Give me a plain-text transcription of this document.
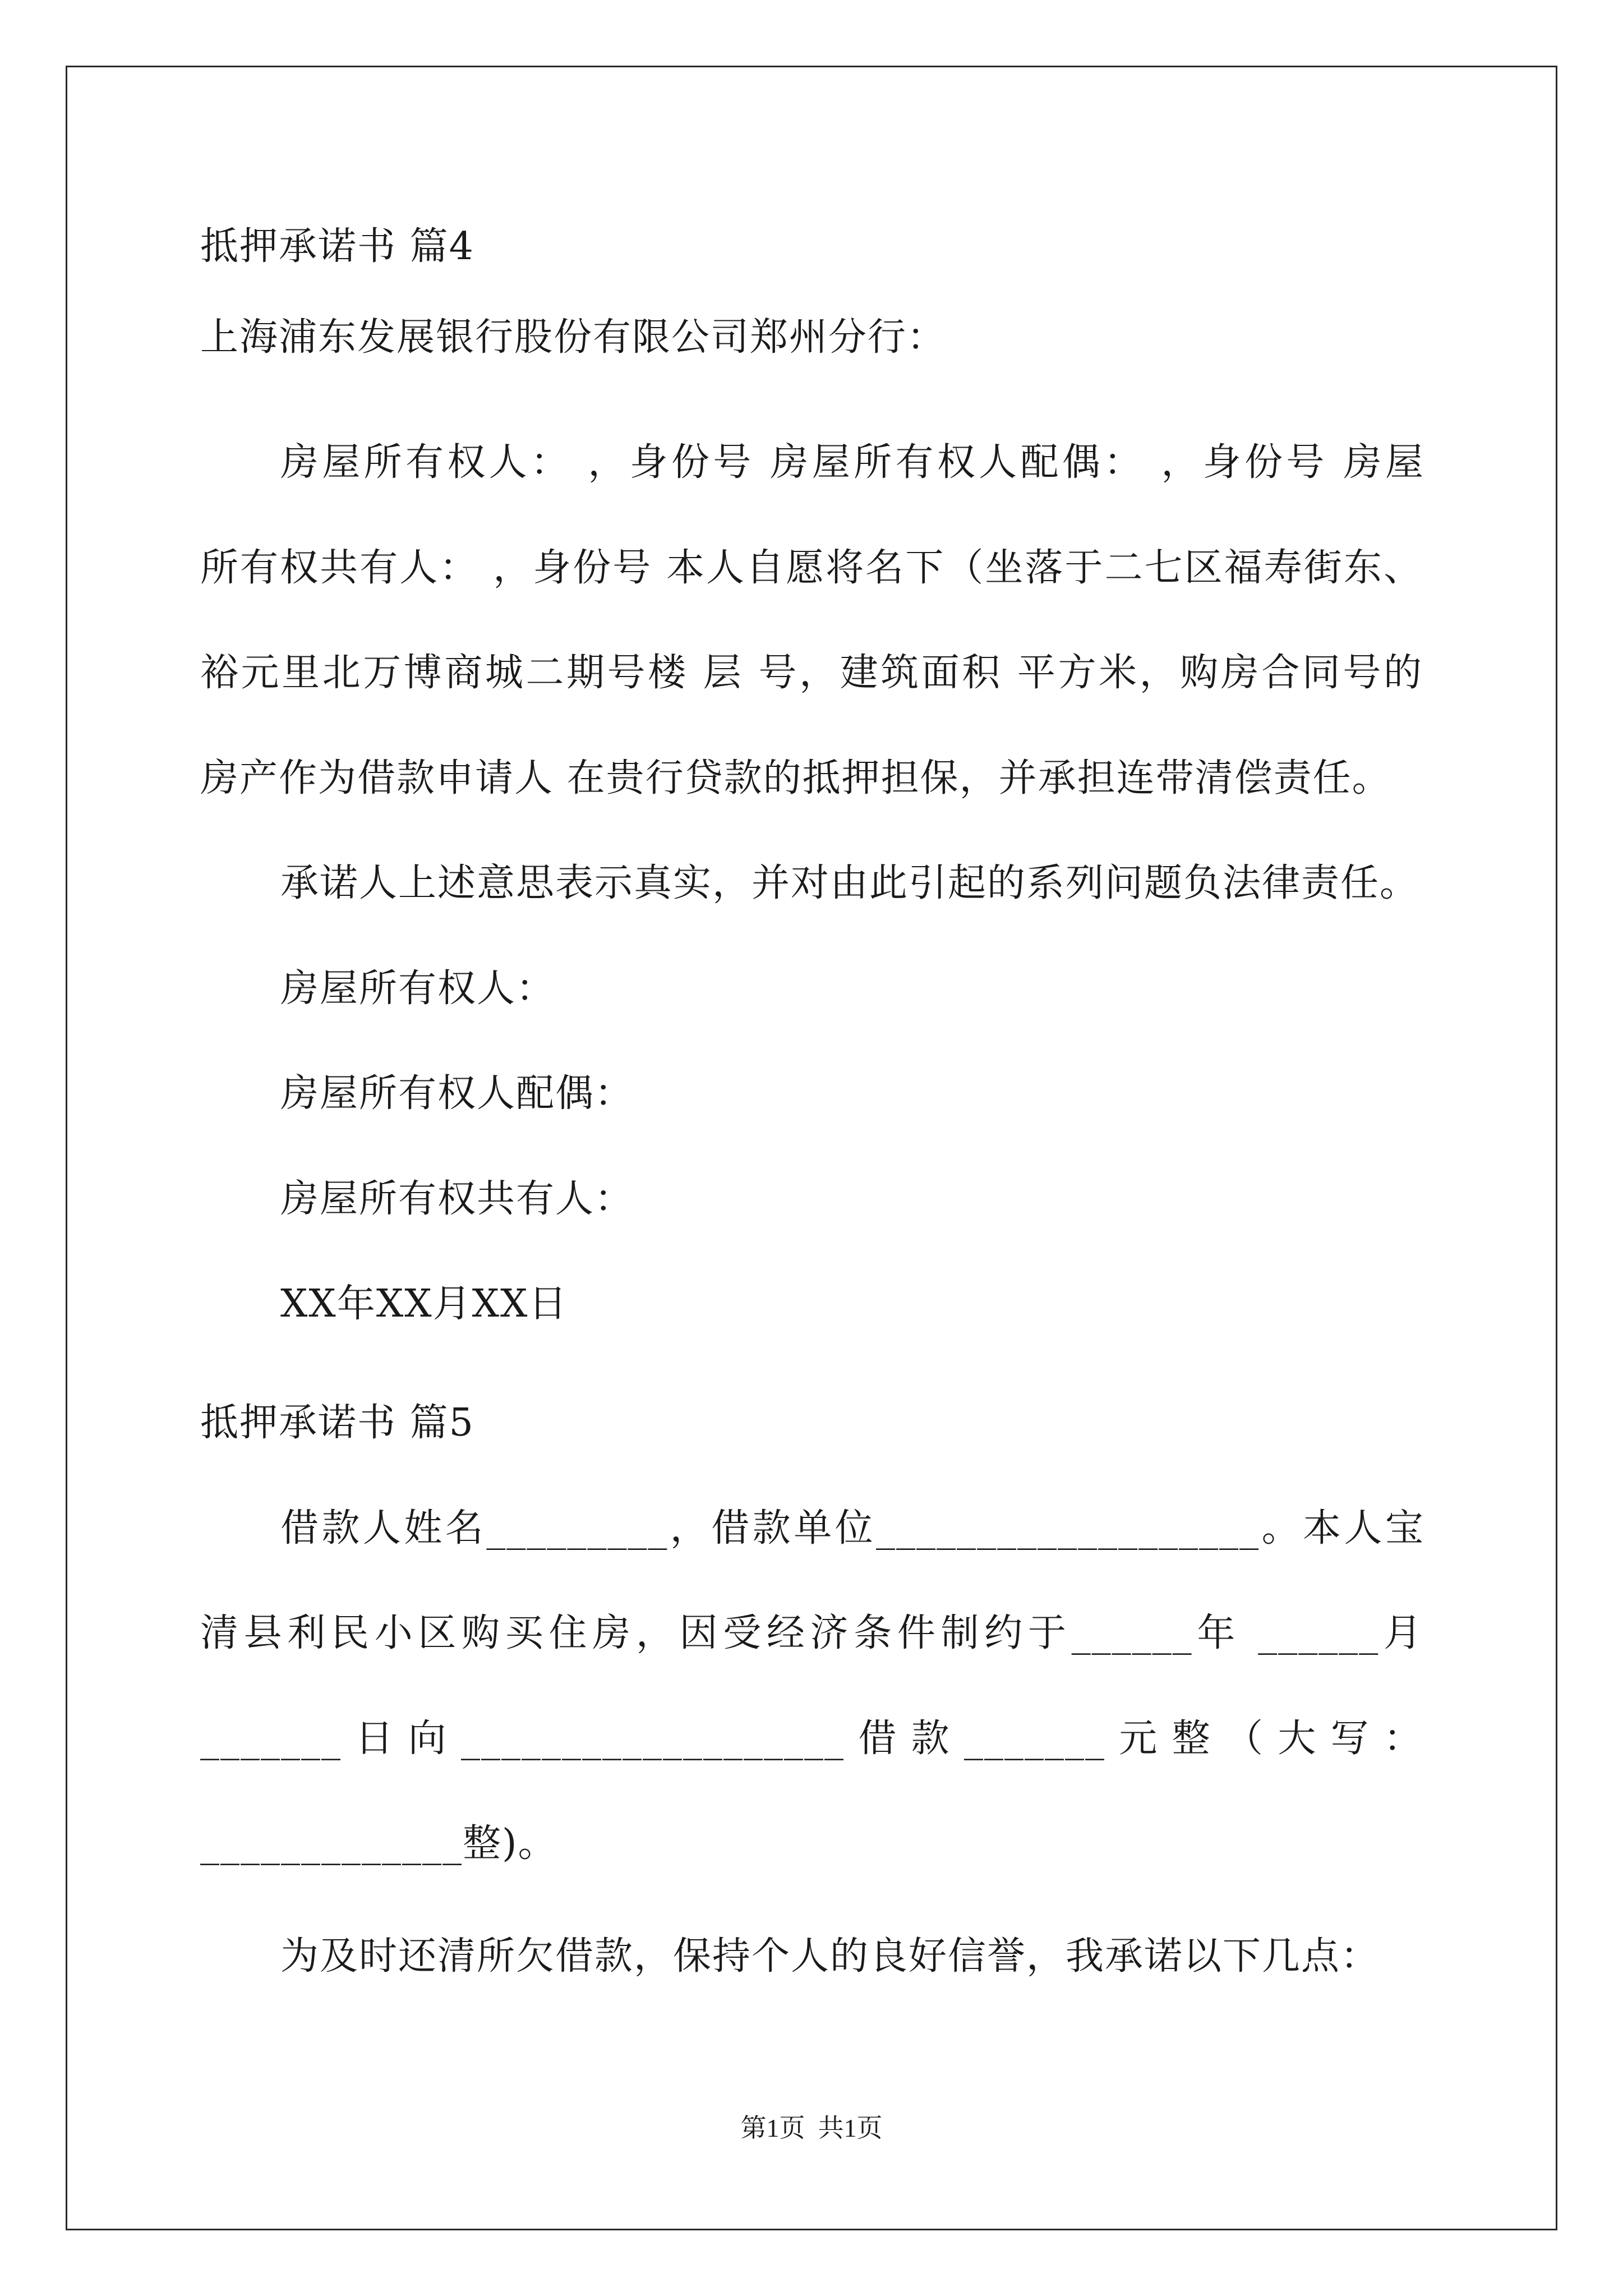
抵押承诺书 篇4
上海浦东发展银行股份有限公司郑州分行：
房屋所有权人： ，身份号 房屋所有权人配偶： ，身份号 房屋
所有权共有人： ，身份号 本人自愿将名下（坐落于二七区福寿街东、
裕元里北万博商城二期号楼 层 号，建筑面积 平方米，购房合同号的
房产作为借款申请人 在贵行贷款的抵押担保，并承担连带清偿责任。
承诺人上述意思表示真实，并对由此引起的系列问题负法律责任。
房屋所有权人：
房屋所有权人配偶：
房屋所有权共有人：
XX年XX月XX日
抵押承诺书 篇5
借款人姓名_________，借款单位___________________。本人宝
清县利民小区购买住房，因受经济条件制约于______年 ______月
_______日向___________________借款_______元整（大写：
_____________整)。
为及时还清所欠借款，保持个人的良好信誉，我承诺以下几点：
第1页  共1页
